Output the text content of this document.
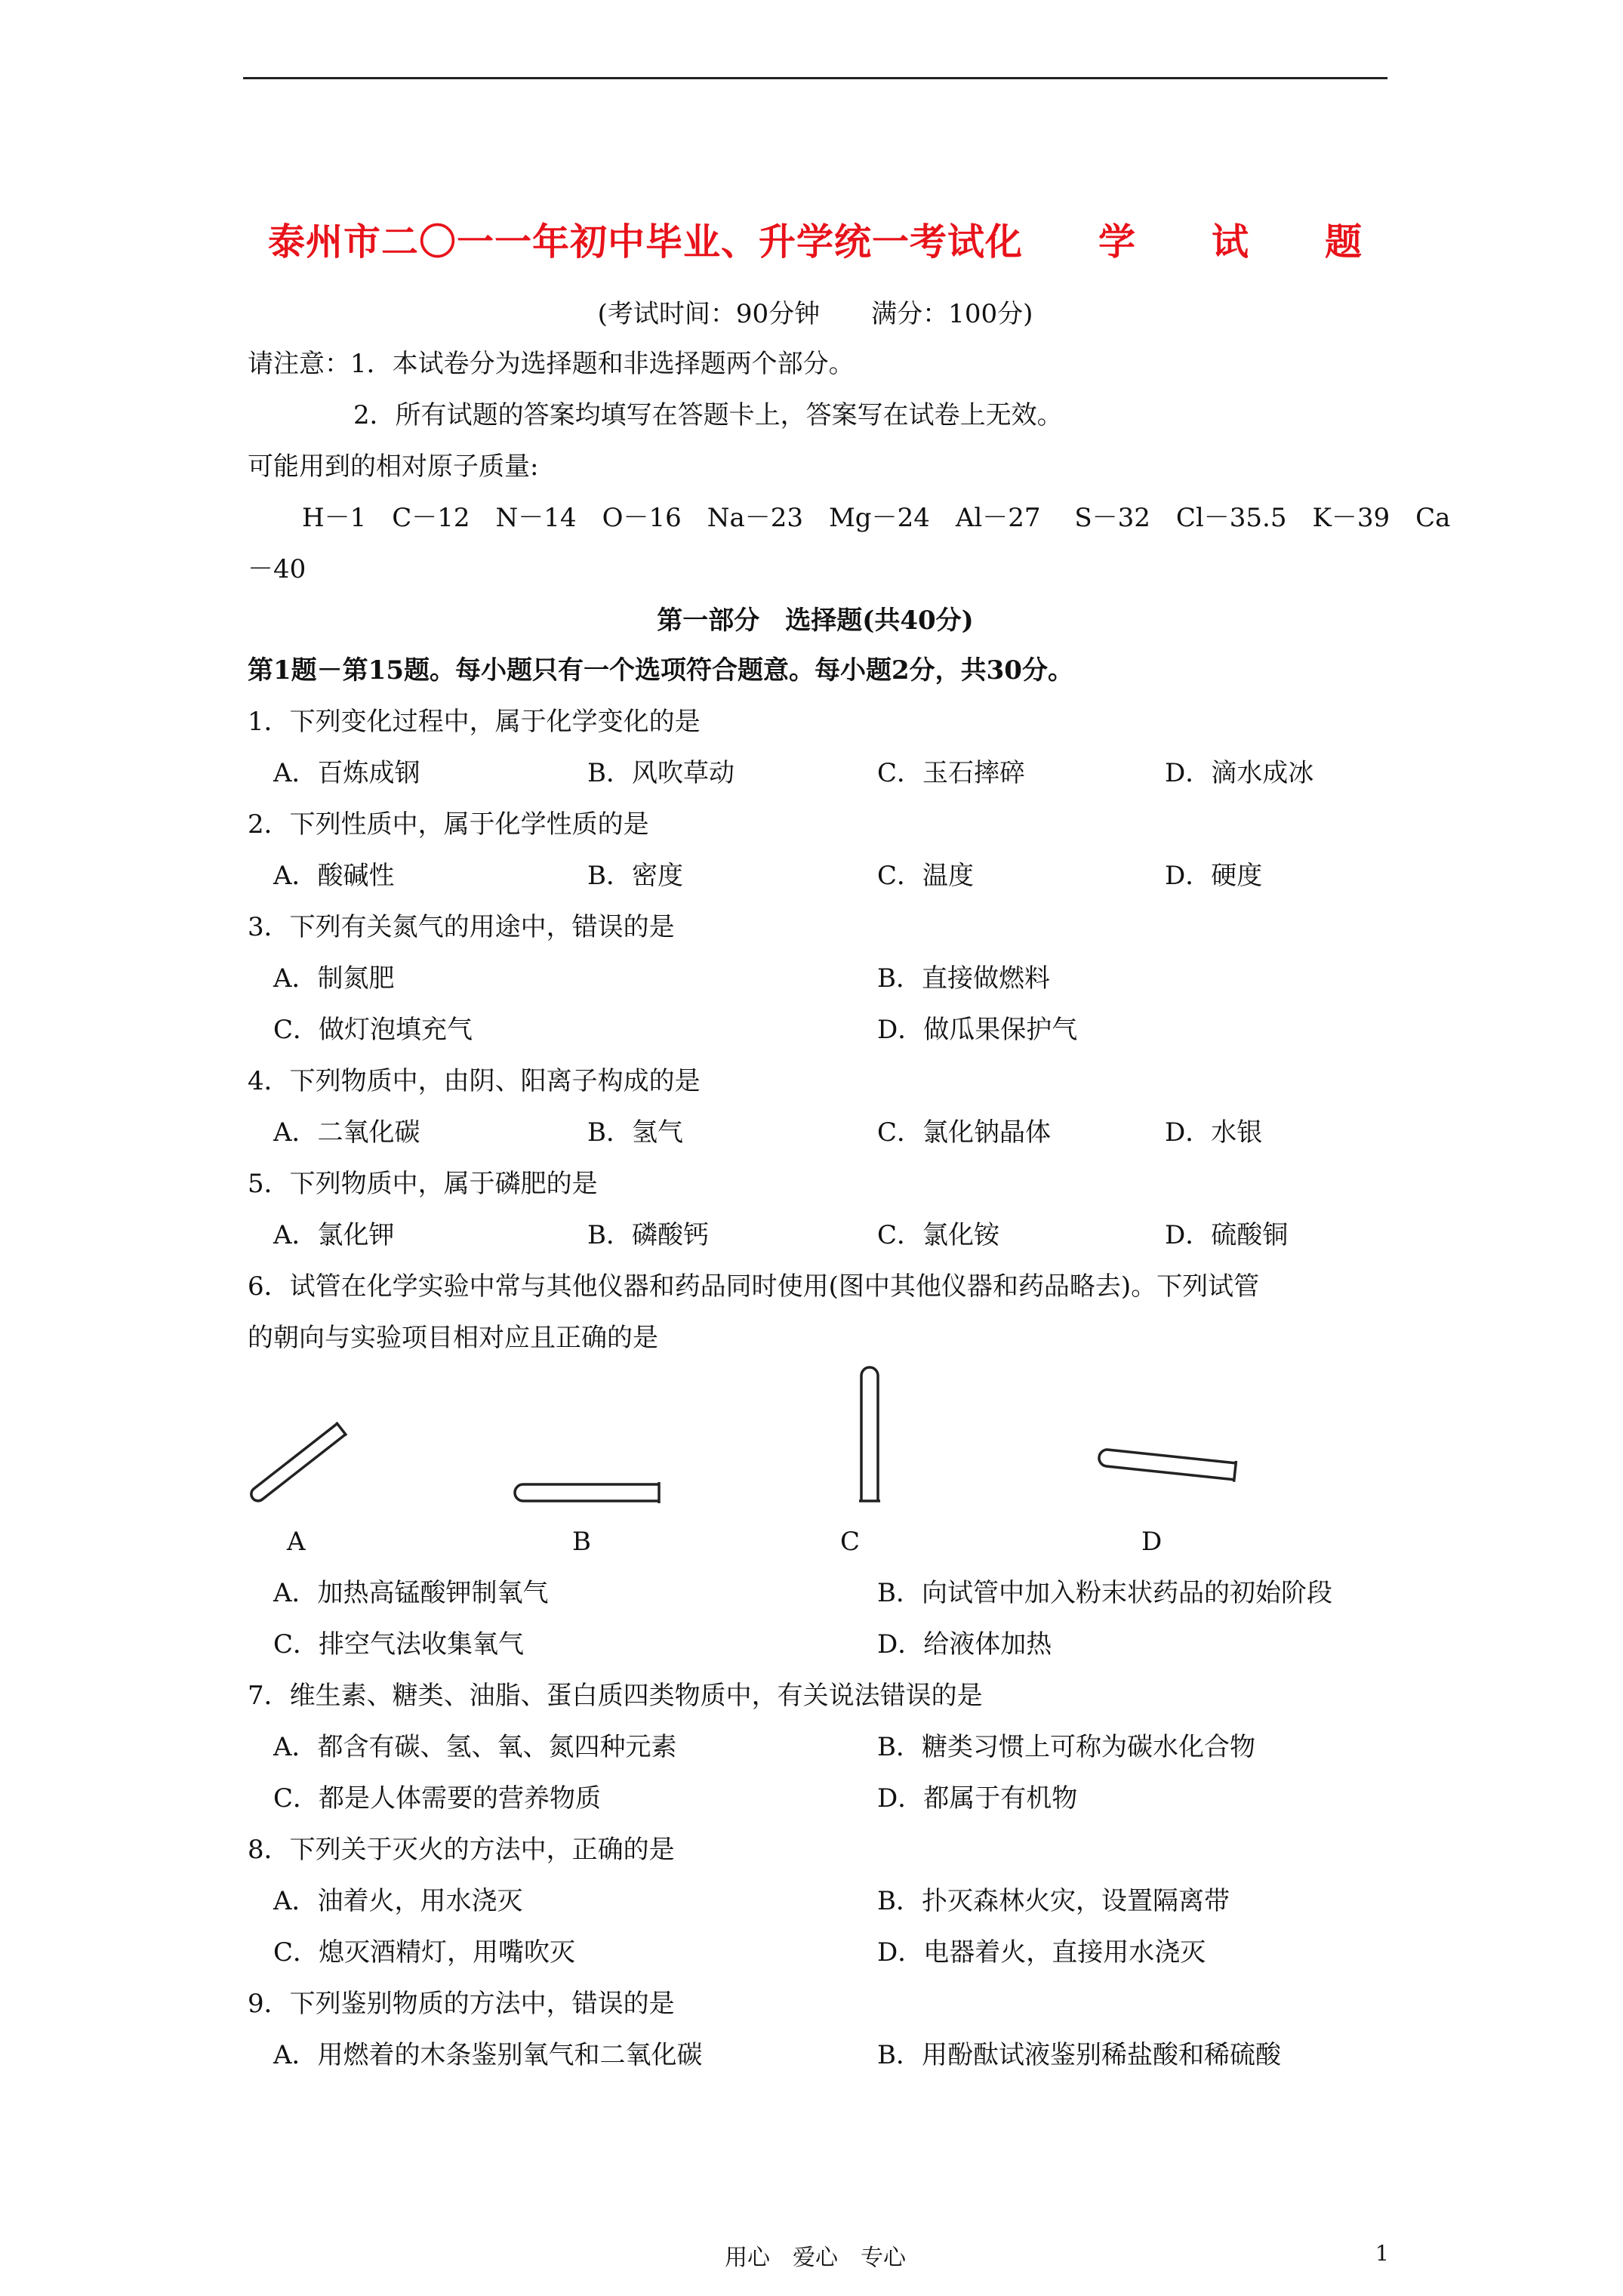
泰州市二〇一一年初中毕业、升学统一考试化　　学　　试　　题
(考试时间：90分钟　　满分：100分)
请注意：1．本试卷分为选择题和非选择题两个部分。
2．所有试题的答案均填写在答题卡上，答案写在试卷上无效。
可能用到的相对原子质量:
H－1　C－12　N－14　O－16　Na－23　Mg－24　Al－27　 S－32　Cl－35.5　K－39　Ca
－40
第一部分　选择题(共40分)
第1题－第15题。每小题只有一个选项符合题意。每小题2分，共30分。
1．下列变化过程中，属于化学变化的是
A．百炼成钢	B．风吹草动	C．玉石摔碎	D．滴水成冰
2．下列性质中，属于化学性质的是
A．酸碱性	B．密度	C．温度	D．硬度
3．下列有关氮气的用途中，错误的是
A．制氮肥	B．直接做燃料
C．做灯泡填充气	D．做瓜果保护气
4．下列物质中，由阴、阳离子构成的是
A．二氧化碳	B．氢气	C．氯化钠晶体	D．水银
5．下列物质中，属于磷肥的是
A．氯化钾	B．磷酸钙	C．氯化铵	D．硫酸铜
6．试管在化学实验中常与其他仪器和药品同时使用(图中其他仪器和药品略去)。下列试管
的朝向与实验项目相对应且正确的是
A	B	C	D
A．加热高锰酸钾制氧气	B．向试管中加入粉末状药品的初始阶段
C．排空气法收集氧气	D．给液体加热
7．维生素、糖类、油脂、蛋白质四类物质中，有关说法错误的是
A．都含有碳、氢、氧、氮四种元素	B．糖类习惯上可称为碳水化合物
C．都是人体需要的营养物质	D．都属于有机物
8．下列关于灭火的方法中，正确的是
A．油着火，用水浇灭	B．扑灭森林火灾，设置隔离带
C．熄灭酒精灯，用嘴吹灭	D．电器着火，直接用水浇灭
9．下列鉴别物质的方法中，错误的是
A．用燃着的木条鉴别氧气和二氧化碳	B．用酚酞试液鉴别稀盐酸和稀硫酸
用心　爱心　专心	1
